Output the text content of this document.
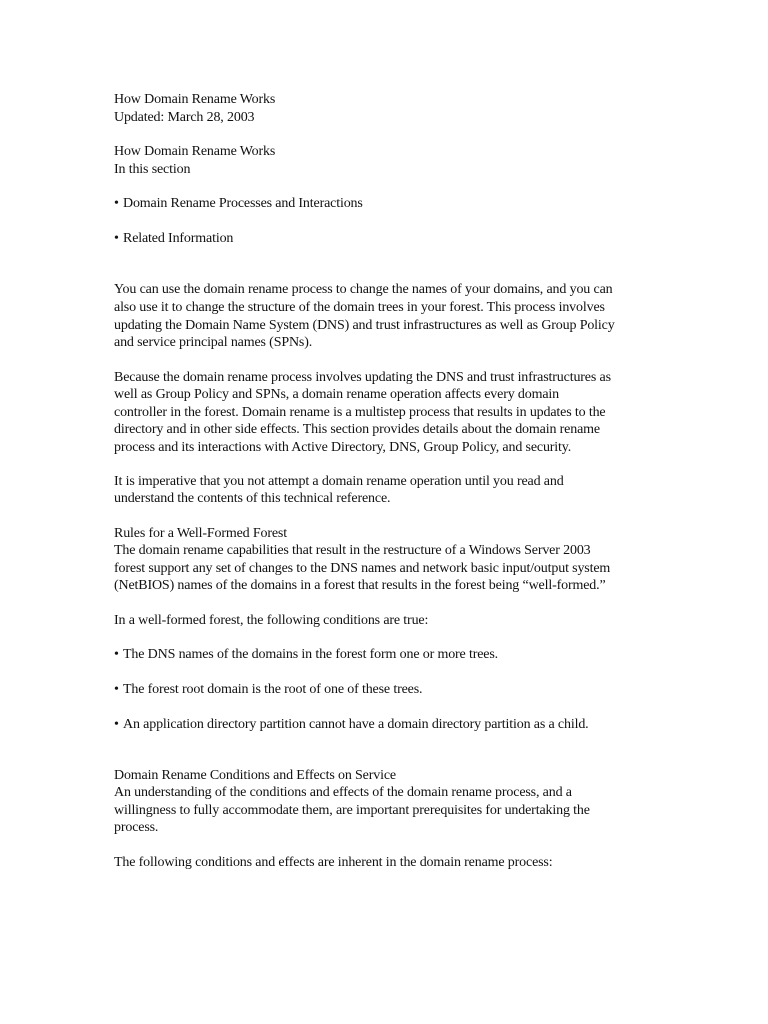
How Domain Rename Works

Updated: March 28, 2003

How Domain Rename Works

In this section

• Domain Rename Processes and Interactions

• Related Information

You can use the domain rename process to change the names of your domains, and you can

also use it to change the structure of the domain trees in your forest. This process involves

updating the Domain Name System (DNS) and trust infrastructures as well as Group Policy

and service principal names (SPNs).

Because the domain rename process involves updating the DNS and trust infrastructures as

well as Group Policy and SPNs, a domain rename operation affects every domain

controller in the forest. Domain rename is a multistep process that results in updates to the

directory and in other side effects. This section provides details about the domain rename

process and its interactions with Active Directory, DNS, Group Policy, and security.

It is imperative that you not attempt a domain rename operation until you read and

understand the contents of this technical reference.

Rules for a Well-Formed Forest

The domain rename capabilities that result in the restructure of a Windows Server 2003

forest support any set of changes to the DNS names and network basic input/output system

(NetBIOS) names of the domains in a forest that results in the forest being “well-formed.”

In a well-formed forest, the following conditions are true:

• The DNS names of the domains in the forest form one or more trees.

• The forest root domain is the root of one of these trees.

• An application directory partition cannot have a domain directory partition as a child.

Domain Rename Conditions and Effects on Service

An understanding of the conditions and effects of the domain rename process, and a

willingness to fully accommodate them, are important prerequisites for undertaking the

process.

The following conditions and effects are inherent in the domain rename process:
